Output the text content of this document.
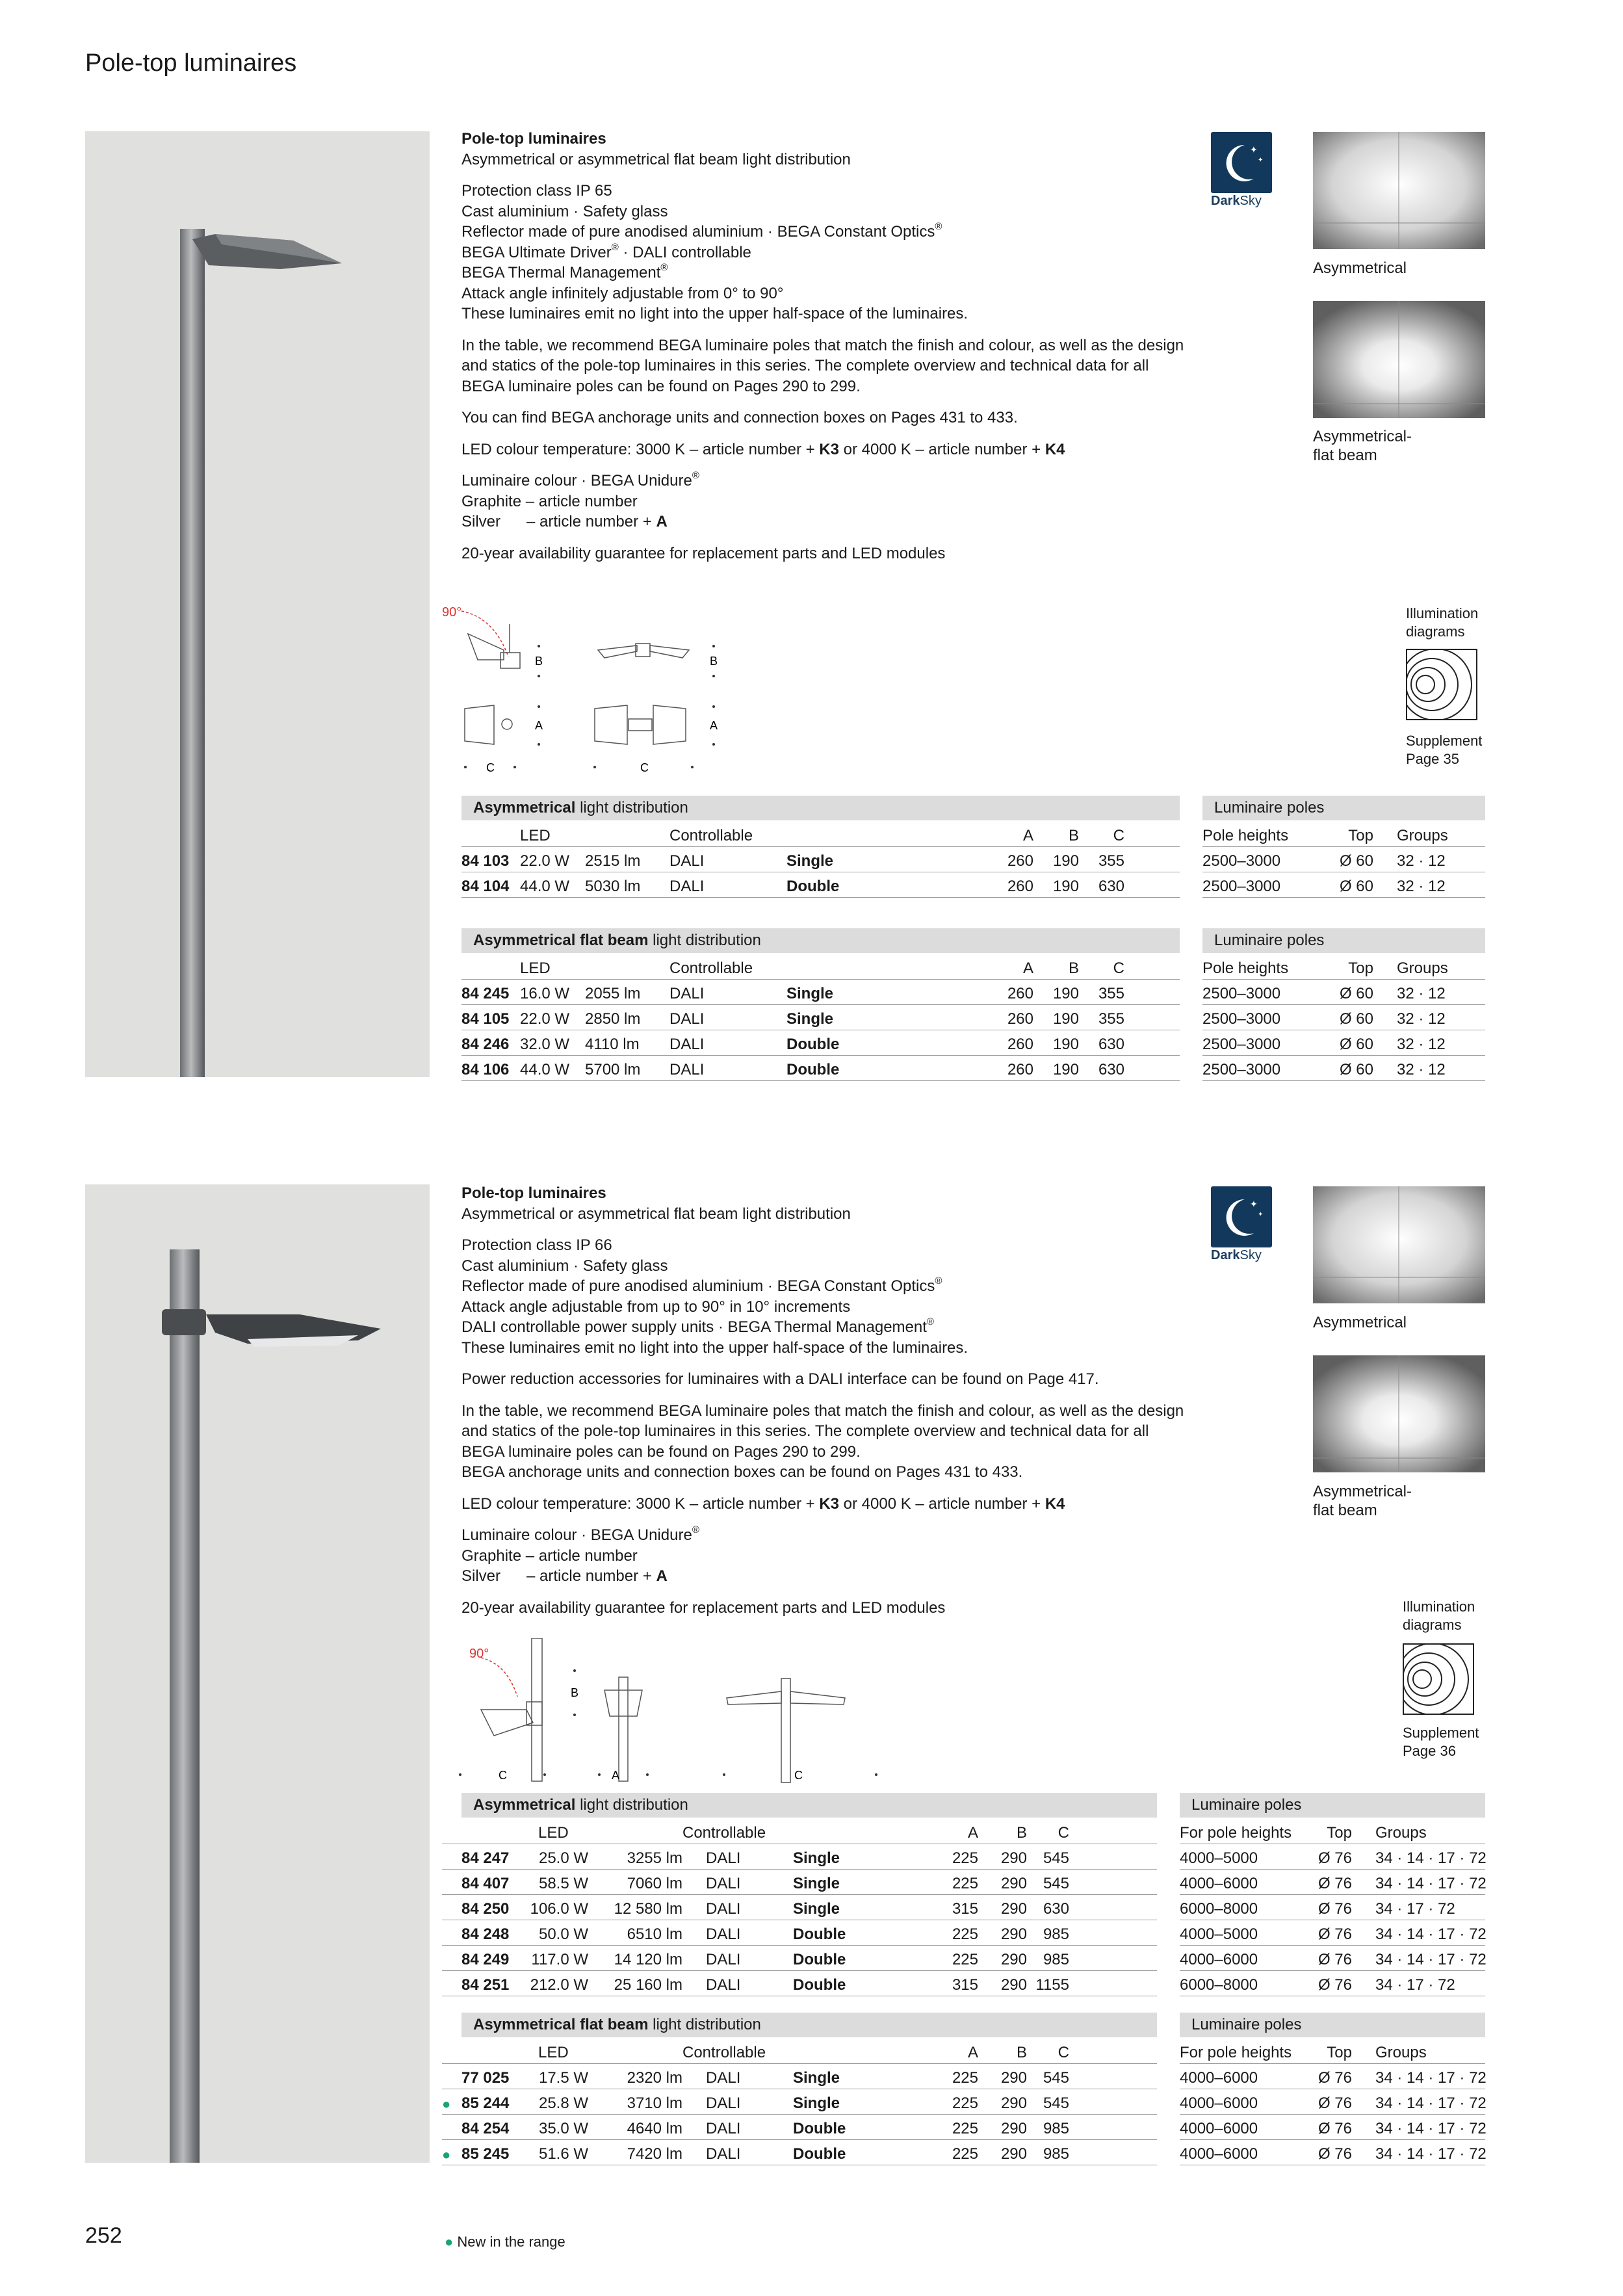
Pole-top luminaires

Pole-top luminaires
Asymmetrical or asymmetrical flat beam light distribution

Protection class IP 65
Cast aluminium · Safety glass
Reflector made of pure anodised aluminium · BEGA Constant Optics®
BEGA Ultimate Driver® · DALI controllable
BEGA Thermal Management®
Attack angle infinitely adjustable from 0° to 90°
These luminaires emit no light into the upper half-space of the luminaires.

In the table, we recommend BEGA luminaire poles that match the finish and colour, as well as the design
and statics of the pole-top luminaires in this series. The complete overview and technical data for all
BEGA luminaire poles can be found on Pages 290 to 299.

You can find BEGA anchorage units and connection boxes on Pages 431 to 433.

LED colour temperature: 3000 K – article number + K3 or 4000 K – article number + K4

Luminaire colour · BEGA Unidure®
Graphite – article number
Silver      – article number + A

20-year availability guarantee for replacement parts and LED modules

✦
✦
DarkSky
Asymmetrical
Asymmetrical-
flat beam
90°
B	B
A	A
C	C
Illumination
diagrams
Supplement
Page 35
Asymmetrical light distribution	Luminaire poles
	LED		Controllable		A	B	C	
84 103	22.0 W	2515 lm	DALI	Single	260	190	355	
84 104	44.0 W	5030 lm	DALI	Double	260	190	630	
Pole heights	Top	Groups
2500–3000	Ø 60	32 · 12
2500–3000	Ø 60	32 · 12
Asymmetrical flat beam light distribution	Luminaire poles
	LED		Controllable		A	B	C	
84 245	16.0 W	2055 lm	DALI	Single	260	190	355	
84 105	22.0 W	2850 lm	DALI	Single	260	190	355	
84 246	32.0 W	4110 lm	DALI	Double	260	190	630	
84 106	44.0 W	5700 lm	DALI	Double	260	190	630	
Pole heights	Top	Groups
2500–3000	Ø 60	32 · 12
2500–3000	Ø 60	32 · 12
2500–3000	Ø 60	32 · 12
2500–3000	Ø 60	32 · 12

Pole-top luminaires
Asymmetrical or asymmetrical flat beam light distribution

Protection class IP 66
Cast aluminium · Safety glass
Reflector made of pure anodised aluminium · BEGA Constant Optics®
Attack angle adjustable from up to 90° in 10° increments
DALI controllable power supply units · BEGA Thermal Management®
These luminaires emit no light into the upper half-space of the luminaires.

Power reduction accessories for luminaires with a DALI interface can be found on Page 417.

In the table, we recommend BEGA luminaire poles that match the finish and colour, as well as the design
and statics of the pole-top luminaires in this series. The complete overview and technical data for all
BEGA luminaire poles can be found on Pages 290 to 299.
BEGA anchorage units and connection boxes can be found on Pages 431 to 433.

LED colour temperature: 3000 K – article number + K3 or 4000 K – article number + K4

Luminaire colour · BEGA Unidure®
Graphite – article number
Silver      – article number + A

20-year availability guarantee for replacement parts and LED modules

✦
✦
DarkSky
Asymmetrical
Asymmetrical-
flat beam
90°
B
C	A	C
Illumination
diagrams
Supplement
Page 36
Asymmetrical light distribution	Luminaire poles
		LED		Controllable		A	B	C		
	84 247	25.0 W	3255 lm	DALI	Single	225	290	545		
	84 407	58.5 W	7060 lm	DALI	Single	225	290	545		
	84 250	106.0 W	12 580 lm	DALI	Single	315	290	630		
	84 248	50.0 W	6510 lm	DALI	Double	225	290	985		
	84 249	117.0 W	14 120 lm	DALI	Double	225	290	985		
	84 251	212.0 W	25 160 lm	DALI	Double	315	290	1155		
For pole heights	Top	Groups
4000–5000	Ø 76	34 · 14 · 17 · 72
4000–6000	Ø 76	34 · 14 · 17 · 72
6000–8000	Ø 76	34 · 17 · 72
4000–5000	Ø 76	34 · 14 · 17 · 72
4000–6000	Ø 76	34 · 14 · 17 · 72
6000–8000	Ø 76	34 · 17 · 72
Asymmetrical flat beam light distribution	Luminaire poles
		LED		Controllable		A	B	C		
	77 025	17.5 W	2320 lm	DALI	Single	225	290	545		
●	85 244	25.8 W	3710 lm	DALI	Single	225	290	545		
	84 254	35.0 W	4640 lm	DALI	Double	225	290	985		
●	85 245	51.6 W	7420 lm	DALI	Double	225	290	985		
For pole heights	Top	Groups
4000–6000	Ø 76	34 · 14 · 17 · 72
4000–6000	Ø 76	34 · 14 · 17 · 72
4000–6000	Ø 76	34 · 14 · 17 · 72
4000–6000	Ø 76	34 · 14 · 17 · 72
252	● New in the range
